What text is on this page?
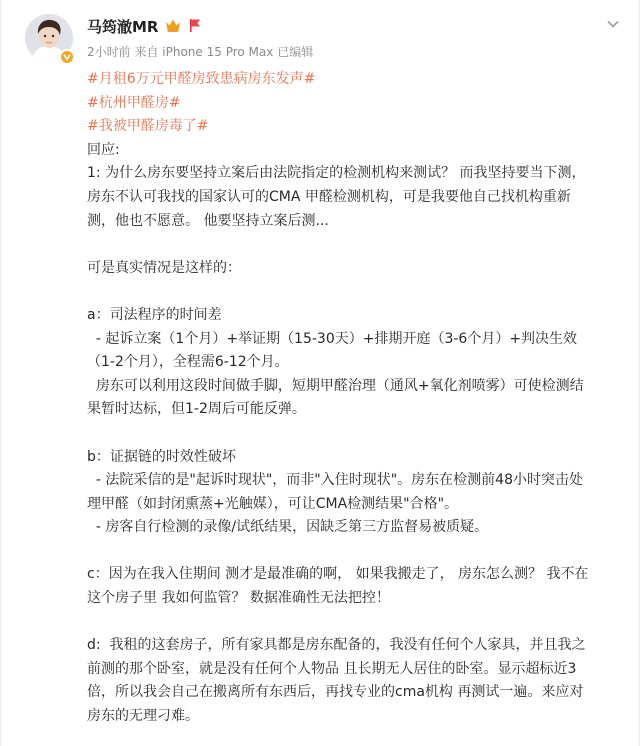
马筠澈MR
2小时前 来自 iPhone 15 Pro Max 已编辑

#月租6万元甲醛房致患病房东发声#

#杭州甲醛房#

#我被甲醛房毒了#

回应:

1: 为什么房东要坚持立案后由法院指定的检测机构来测试？ 而我坚持要当下测，

房东不认可我找的国家认可的CMA 甲醛检测机构，可是我要他自己找机构重新

测，他也不愿意。 他要坚持立案后测...

可是真实情况是这样的：

a：司法程序的时间差

- 起诉立案（1个月）+举证期（15-30天）+排期开庭（3-6个月）+判决生效

（1-2个月），全程需6-12个月。

房东可以利用这段时间做手脚，短期甲醛治理（通风+氧化剂喷雾）可使检测结

果暂时达标，但1-2周后可能反弹。

b：证据链的时效性破坏

- 法院采信的是"起诉时现状"，而非"入住时现状"。房东在检测前48小时突击处

理甲醛（如封闭熏蒸+光触媒），可让CMA检测结果"合格"。

- 房客自行检测的录像/试纸结果，因缺乏第三方监督易被质疑。

c：因为在我入住期间 测才是最准确的啊， 如果我搬走了， 房东怎么测？ 我不在

这个房子里 我如何监管？ 数据准确性无法把控！

d:  我租的这套房子，所有家具都是房东配备的，我没有任何个人家具，并且我之

前测的那个卧室，就是没有任何个人物品 且长期无人居住的卧室。显示超标近3

倍，所以我会自己在搬离所有东西后，再找专业的cma机构 再测试一遍。来应对

房东的无理刁难。
